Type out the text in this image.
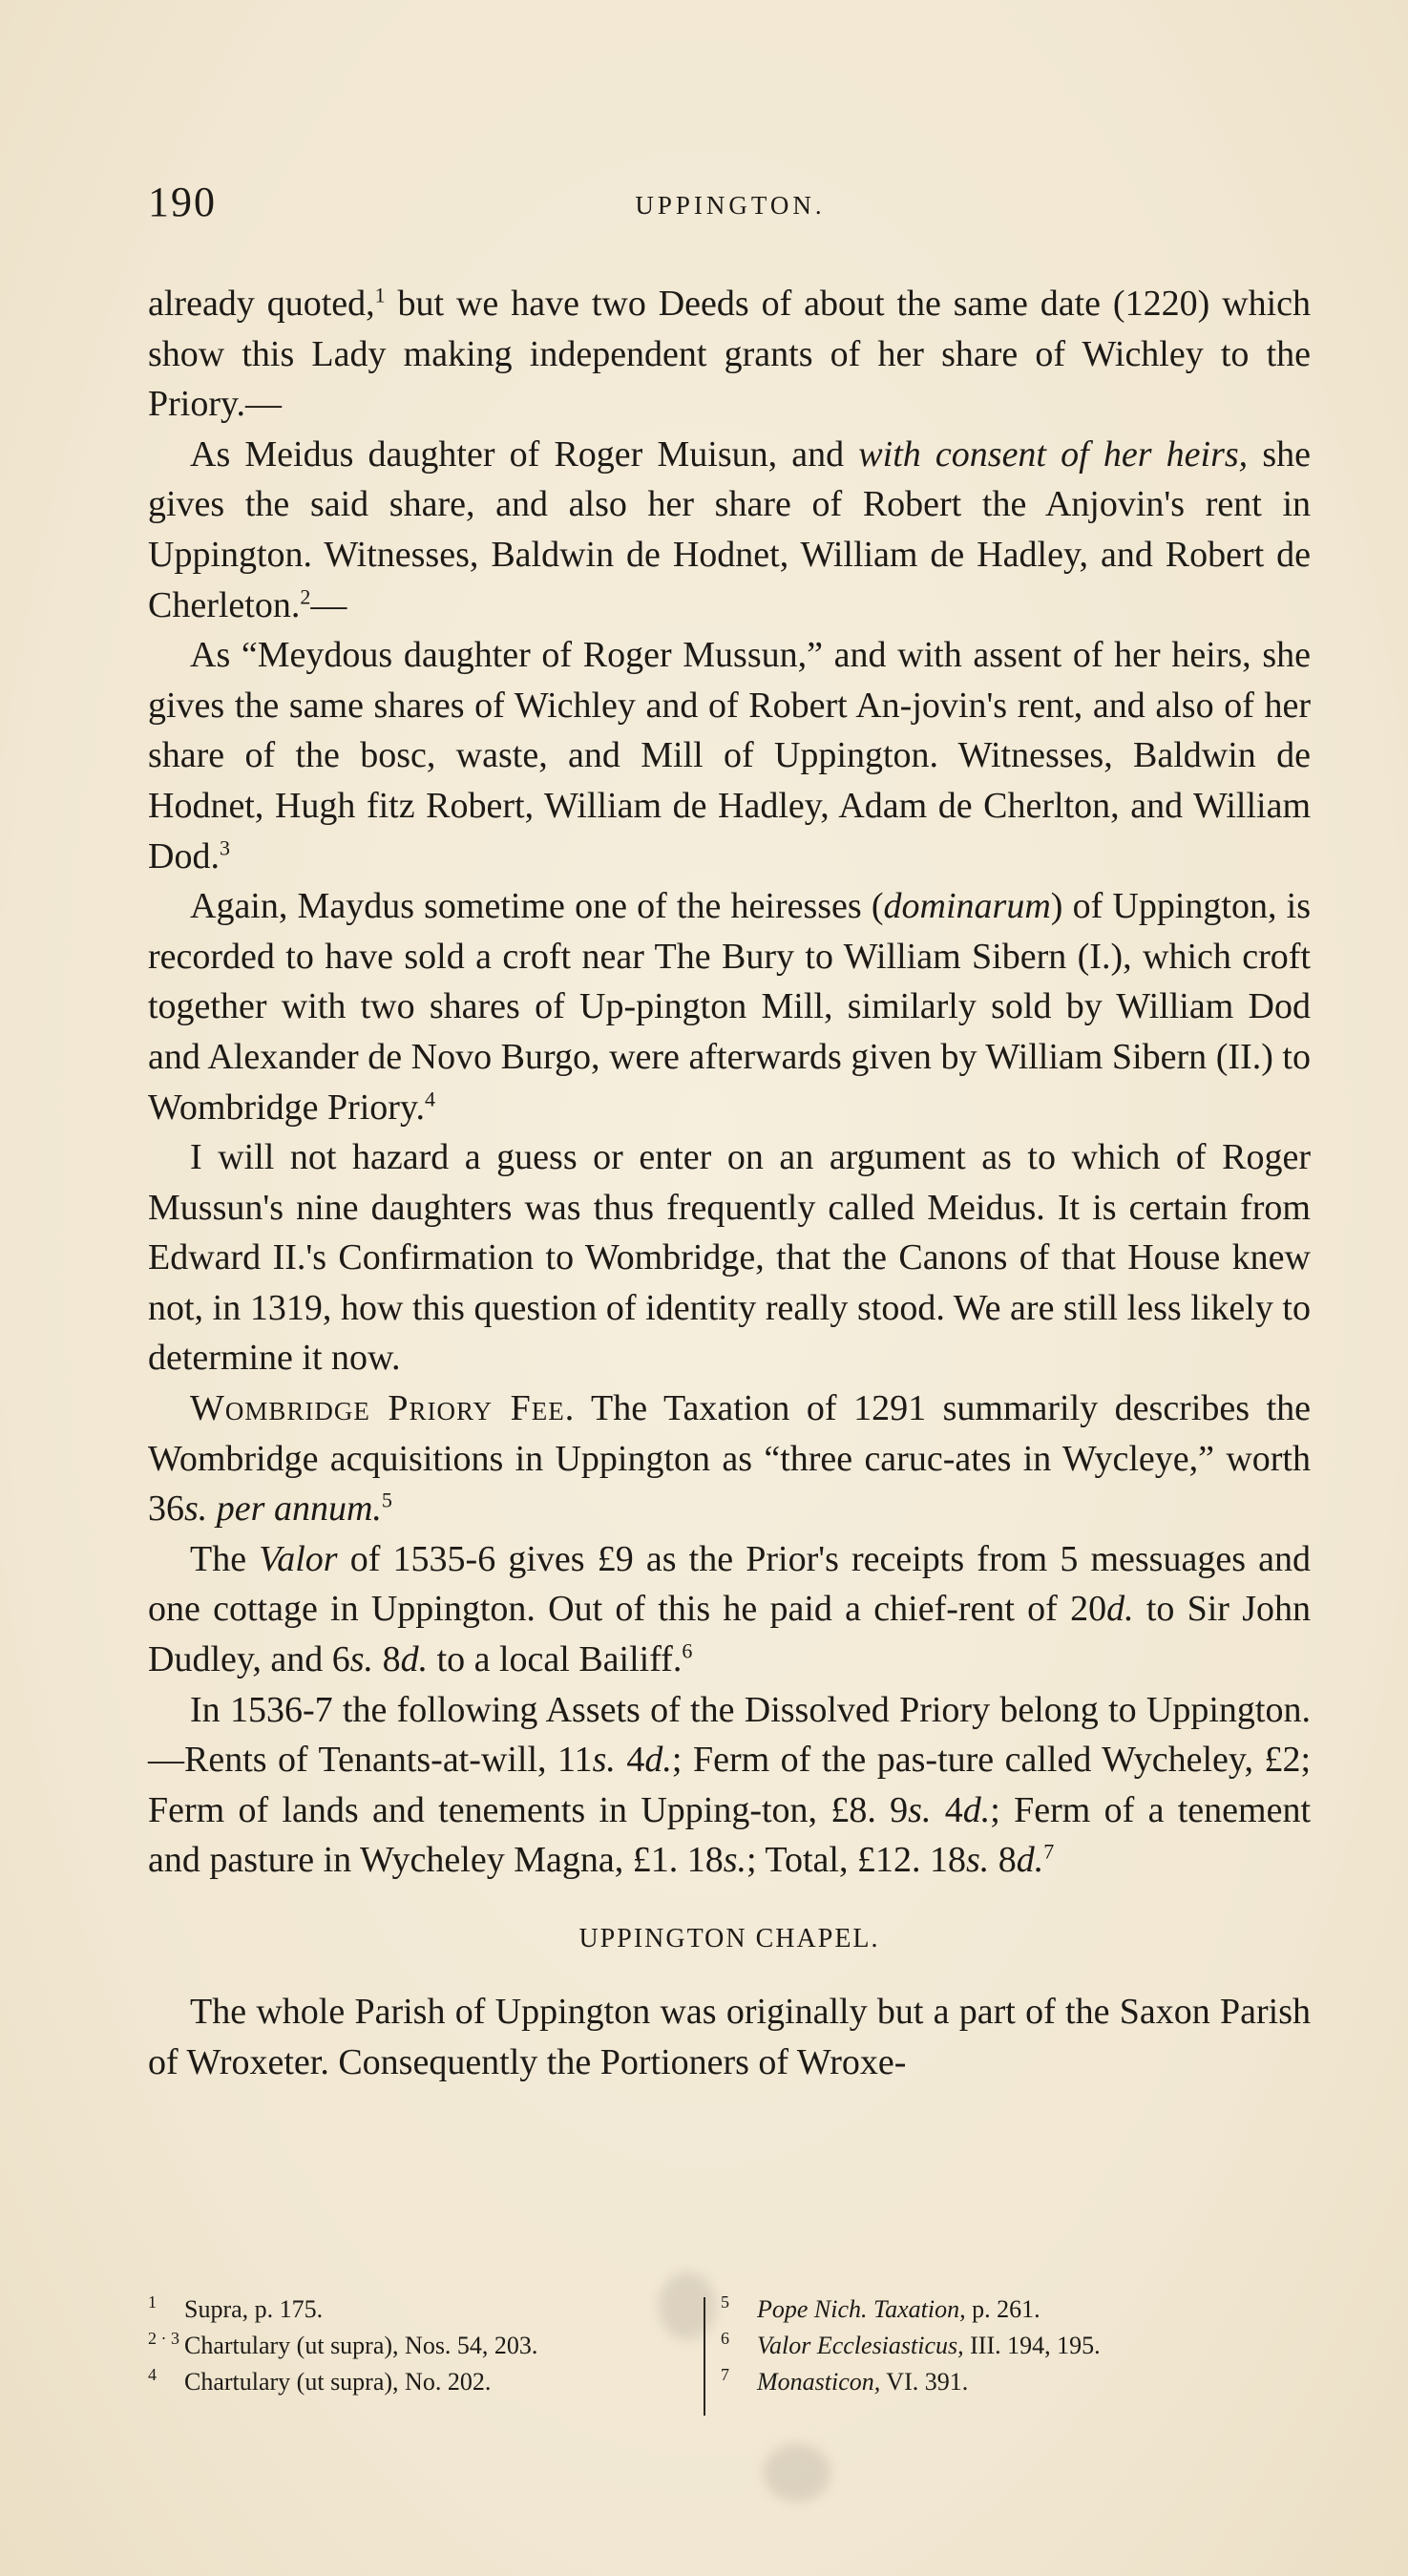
190	UPPINGTON.

already quoted,$^1$ but we have two Deeds of about the same date (1220) which show this Lady making independent grants of her share of Wichley to the Priory.—

As Meidus daughter of Roger Muisun, and with consent of her heirs, she gives the said share, and also her share of Robert the Anjovin's rent in Uppington. Witnesses, Baldwin de Hodnet, William de Hadley, and Robert de Cherleton.$^2$—

As “Meydous daughter of Roger Mussun,” and with assent of her heirs, she gives the same shares of Wichley and of Robert An-jovin's rent, and also of her share of the bosc, waste, and Mill of Uppington. Witnesses, Baldwin de Hodnet, Hugh fitz Robert, William de Hadley, Adam de Cherlton, and William Dod.$^3$

Again, Maydus sometime one of the heiresses (dominarum) of Uppington, is recorded to have sold a croft near The Bury to William Sibern (I.), which croft together with two shares of Up-pington Mill, similarly sold by William Dod and Alexander de Novo Burgo, were afterwards given by William Sibern (II.) to Wombridge Priory.$^4$

I will not hazard a guess or enter on an argument as to which of Roger Mussun's nine daughters was thus frequently called Meidus. It is certain from Edward II.'s Confirmation to Wombridge, that the Canons of that House knew not, in 1319, how this question of identity really stood. We are still less likely to determine it now.

Wombridge Priory Fee. The Taxation of 1291 summarily describes the Wombridge acquisitions in Uppington as “three caruc-ates in Wycleye,” worth 36s. per annum.$^5$

The Valor of 1535-6 gives £9 as the Prior's receipts from 5 messuages and one cottage in Uppington. Out of this he paid a chief-rent of 20d. to Sir John Dudley, and 6s. 8d. to a local Bailiff.$^6$

In 1536-7 the following Assets of the Dissolved Priory belong to Uppington.—Rents of Tenants-at-will, 11s. 4d.; Ferm of the pas-ture called Wycheley, £2; Ferm of lands and tenements in Upping-ton, £8. 9s. 4d.; Ferm of a tenement and pasture in Wycheley Magna, £1. 18s.; Total, £12. 18s. 8d.$^7$

UPPINGTON CHAPEL.

The whole Parish of Uppington was originally but a part of the Saxon Parish of Wroxeter. Consequently the Portioners of Wroxe-

1 Supra, p. 175.
2 · 3 Chartulary (ut supra), Nos. 54, 203.
4 Chartulary (ut supra), No. 202.
5 Pope Nich. Taxation, p. 261.
6 Valor Ecclesiasticus, III. 194, 195.
7 Monasticon, VI. 391.
